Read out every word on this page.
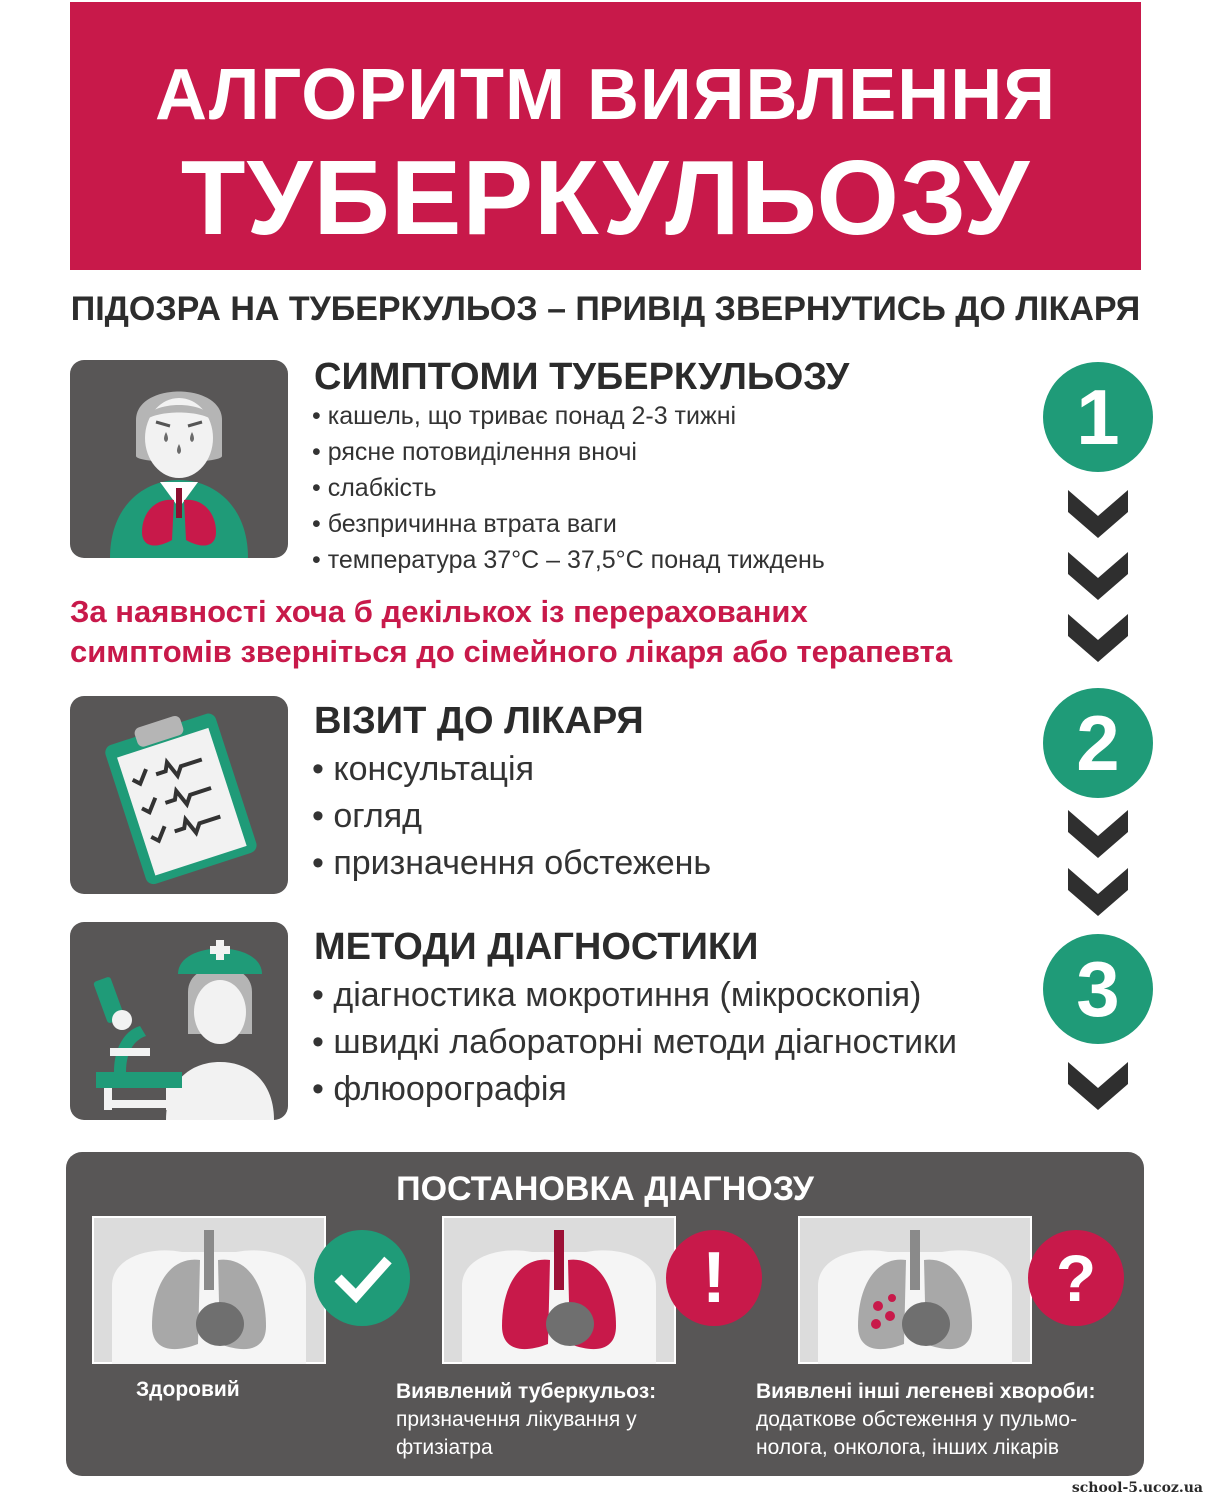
АЛГОРИТМ ВИЯВЛЕННЯ
ТУБЕРКУЛЬОЗУ
ПІДОЗРА НА ТУБЕРКУЛЬОЗ – ПРИВІД ЗВЕРНУТИСЬ ДО ЛІКАРЯ
СИМПТОМИ ТУБЕРКУЛЬОЗУ
• кашель, що триває понад 2-3 тижні
• рясне потовиділення вночі
• слабкість
• безпричинна втрата ваги
• температура 37°С – 37,5°С понад тиждень
1
За наявності хоча б декількох із перерахованих
симптомів зверніться до сімейного лікаря або терапевта
ВІЗИТ ДО ЛІКАРЯ
• консультація
• огляд
• призначення обстежень
2
МЕТОДИ ДІАГНОСТИКИ
• діагностика мокротиння (мікроскопія)
• швидкі лабораторні методи діагностики
• флюорографія
3
ПОСТАНОВКА ДІАГНОЗУ
Здоровий
!
Виявлений туберкульоз:
призначення лікування у
фтизіатра
?
Виявлені інші легеневі хвороби:
додаткове обстеження у пульмо-
нолога, онколога, інших лікарів
school-5.ucoz.ua
